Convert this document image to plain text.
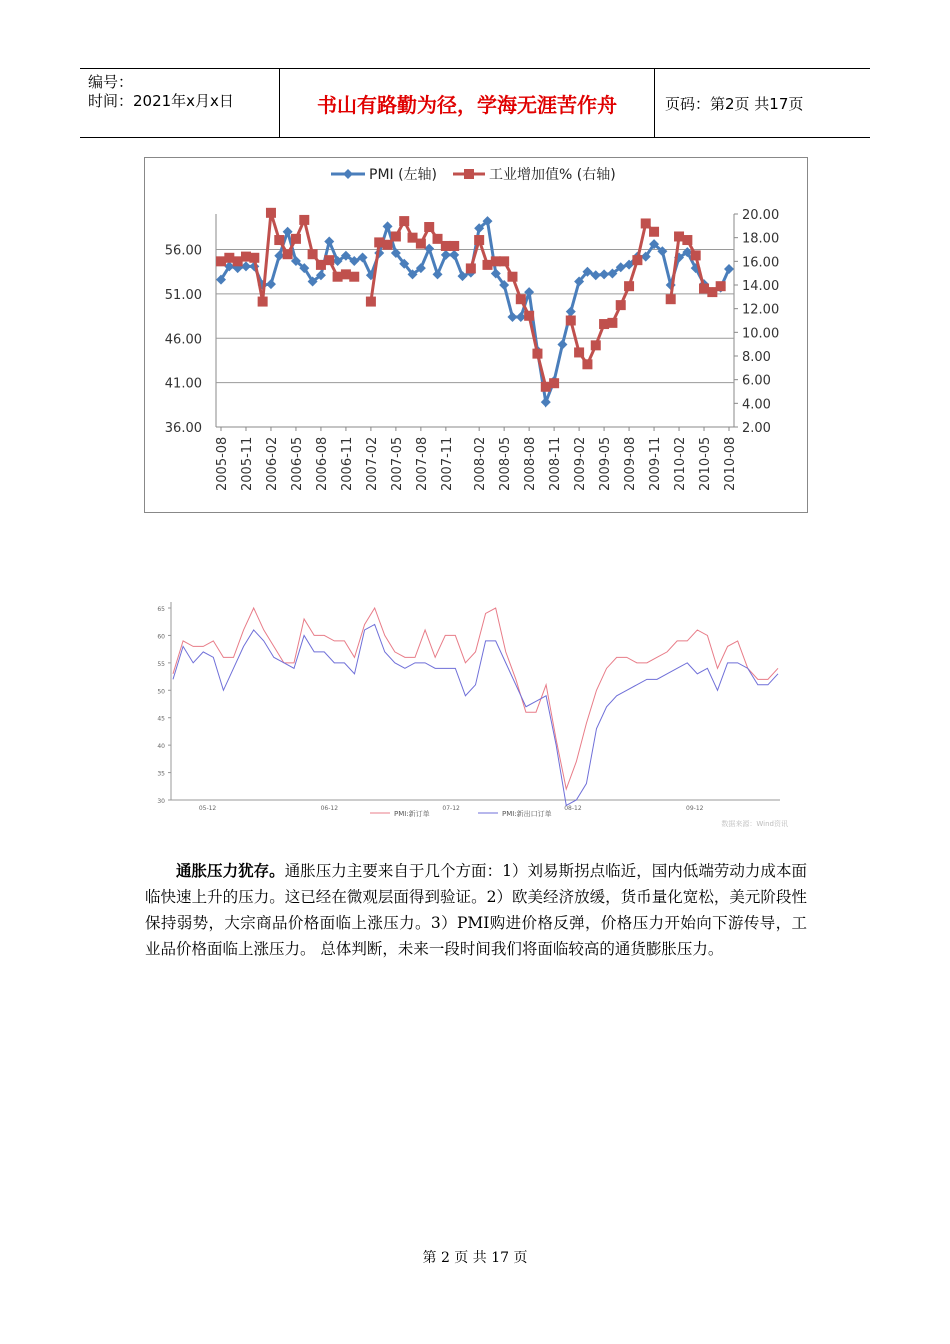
编号：
时间：2021年x月x日	书山有路勤为径，学海无涯苦作舟	页码：第2页 共17页
56.00
51.00
46.00
41.00
36.00
20.00
18.00
16.00
14.00
12.00
10.00
8.00
6.00
4.00
2.00
2005-08 2005-11 2006-02 2006-05 2006-08 2006-11 2007-02 2007-05 2007-08 2007-11 2008-02 2008-05 2008-08 2008-11 2009-02 2009-05 2009-08 2009-11 2010-02 2010-05 2010-08
PMI (左轴)	工业增加值% (右轴)
65
60
55
50
45
40
35
30
05-12	06-12	07-12	08-12	09-12
PMI:新订单	PMI:新出口订单
数据来源：Wind资讯
通胀压力犹存。通胀压力主要来自于几个方面：1）刘易斯拐点临近，国内低端劳动力成本面临快速上升的压力。这已经在微观层面得到验证。2）欧美经济放缓，货币量化宽松，美元阶段性保持弱势，大宗商品价格面临上涨压力。3）PMI购进价格反弹，价格压力开始向下游传导，工业品价格面临上涨压力。 总体判断，未来一段时间我们将面临较高的通货膨胀压力。
第 2 页 共 17 页
